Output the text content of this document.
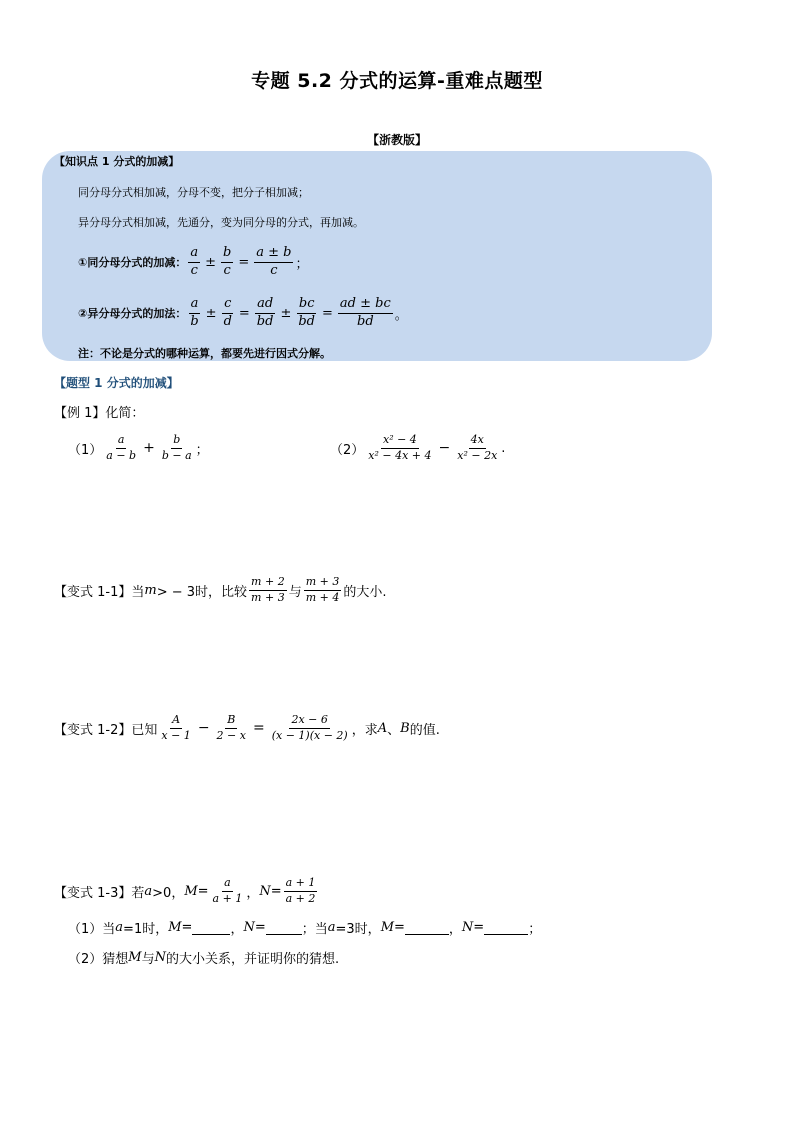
专题 5.2 分式的运算-重难点题型
【浙教版】
【知识点 1 分式的加减】
同分母分式相加减，分母不变，把分子相加减；
异分母分式相加减，先通分，变为同分母的分式，再加减。
①同分母分式的加减： $\frac{a}{c} \pm \frac{b}{c} = \frac{a \pm b}{c}$ ；
②异分母分式的加法： $\frac{a}{b} \pm \frac{c}{d} = \frac{ad}{bd} \pm \frac{bc}{bd} = \frac{ad \pm bc}{bd}$ 。
注：不论是分式的哪种运算，都要先进行因式分解。
【题型 1 分式的加减】
【例 1】化简：
$(1) \frac{a}{a - b} + \frac{b}{b - a}$ ；	$(2) \frac{\text{x² − 4}}{\text{x² − 4x + 4}} - \frac{4x}{\text{x² − 2x}}$ .
【变式 1-1】 当 m > − 3时，比较 $\frac{m + 2}{m + 3}$ 与 $\frac{m + 3}{m + 4}$ 的大小.
【变式 1-2】 已知 $\frac{A}{x - 1} - \frac{B}{2 - x} = \frac{2x - 6}{(x - 1)(x - 2)}$ ，求 A 、 B 的值.
【变式 1-3】 若 a >0， $M = \frac{a}{a + 1}$ ， $N = \frac{a + 1}{a + 2}$
（1）当 a =1时， M =	， N =	；当 a =3时， M =	， N =	；
（2）猜想 M 与 N 的大小关系，并证明你的猜想.
